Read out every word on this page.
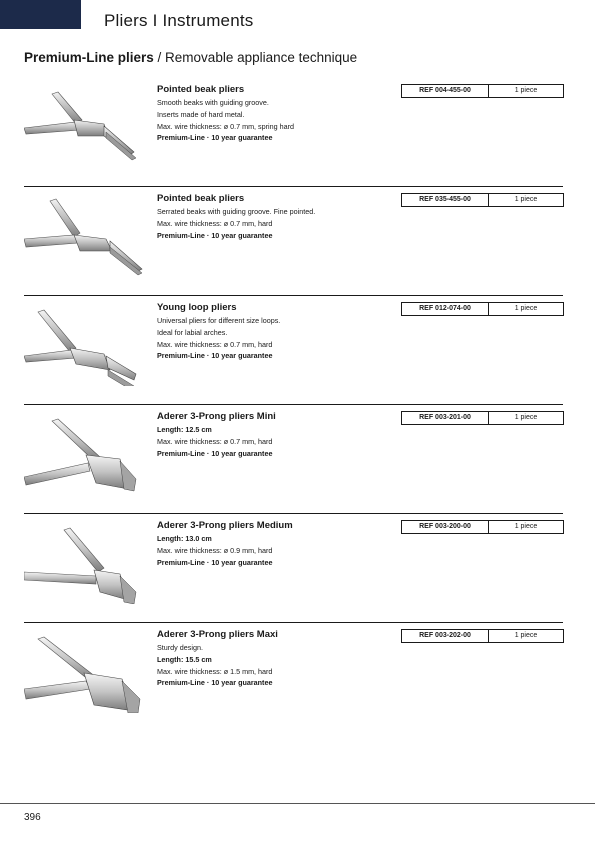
Pliers I Instruments
Premium-Line pliers / Removable appliance technique
Pointed beak pliers
Smooth beaks with guiding groove.
Inserts made of hard metal.
Max. wire thickness: ø 0.7 mm, spring hard
Premium-Line · 10 year guarantee
REF 004-455-00	1 piece
Pointed beak pliers
Serrated beaks with guiding groove. Fine pointed.
Max. wire thickness: ø 0.7 mm, hard
Premium-Line · 10 year guarantee
REF 035-455-00	1 piece
Young loop pliers
Universal pliers for different size loops.
Ideal for labial arches.
Max. wire thickness: ø 0.7 mm, hard
Premium-Line · 10 year guarantee
REF 012-074-00	1 piece
Aderer 3-Prong pliers Mini
Length: 12.5 cm
Max. wire thickness: ø 0.7 mm, hard
Premium-Line · 10 year guarantee
REF 003-201-00	1 piece
Aderer 3-Prong pliers Medium
Length: 13.0 cm
Max. wire thickness: ø 0.9 mm, hard
Premium-Line · 10 year guarantee
REF 003-200-00	1 piece
Aderer 3-Prong pliers Maxi
Sturdy design.
Length: 15.5 cm
Max. wire thickness: ø 1.5 mm, hard
Premium-Line · 10 year guarantee
REF 003-202-00	1 piece
396
